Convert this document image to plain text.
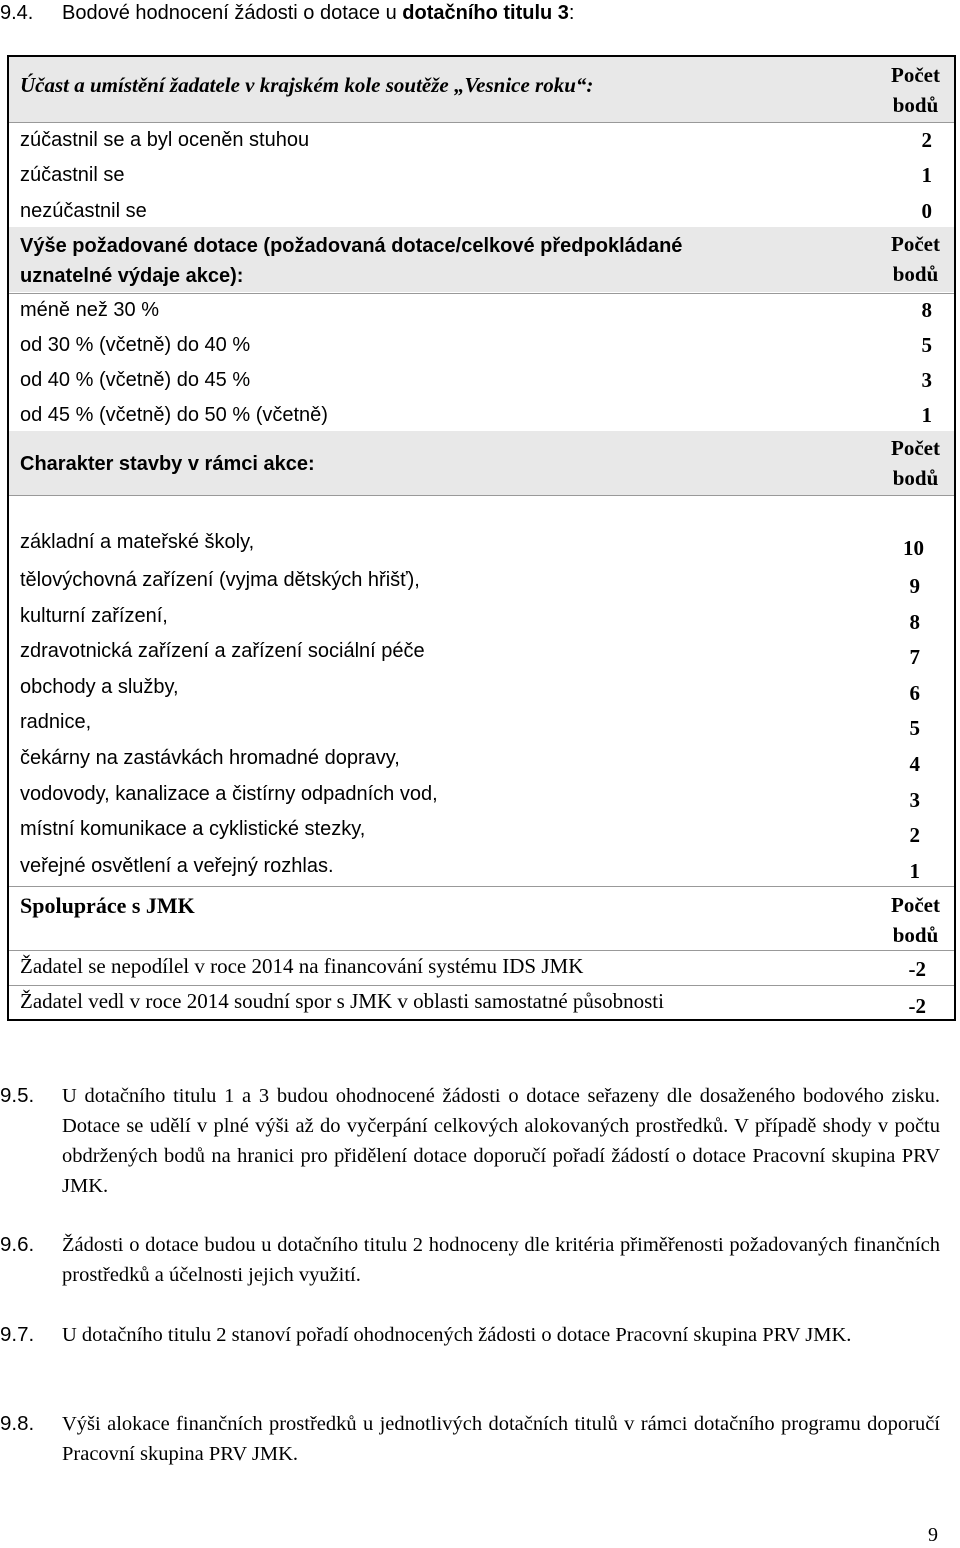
9.4. Bodové hodnocení žádosti o dotace u dotačního titulu 3:
Účast a umístění žadatele v krajském kole soutěže „Vesnice roku“:	Počet
bodů
zúčastnil se a byl oceněn stuhou	2
zúčastnil se	1
nezúčastnil se	0
Výše požadované dotace (požadovaná dotace/celkové předpokládané
uznatelné výdaje akce):
Počet
bodů
méně než 30 %	8
od 30 % (včetně) do 40 %	5
od 40 % (včetně) do 45 %	3
od 45 % (včetně) do 50 % (včetně)	1
Charakter stavby v rámci akce:
Počet
bodů
základní a mateřské školy,	10
tělovýchovná zařízení (vyjma dětských hřišť),	9
kulturní zařízení,	8
zdravotnická zařízení a zařízení sociální péče	7
obchody a služby,	6
radnice,	5
čekárny na zastávkách hromadné dopravy,	4
vodovody, kanalizace a čistírny odpadních vod,	3
místní komunikace a cyklistické stezky,	2
veřejné osvětlení a veřejný rozhlas.	1
Spolupráce s JMK	Počet
bodů
Žadatel se nepodílel v roce 2014 na financování systému IDS JMK	-2
Žadatel vedl v roce 2014 soudní spor s JMK v oblasti samostatné působnosti	-2
9.5.	U dotačního titulu 1 a 3 budou ohodnocené žádosti o dotace seřazeny dle dosaženého bodového zisku. Dotace se udělí v plné výši až do vyčerpání celkových alokovaných prostředků. V případě shody v počtu obdržených bodů na hranici pro přidělení dotace doporučí pořadí žádostí o dotace Pracovní skupina PRV JMK.
9.6.	Žádosti o dotace budou u dotačního titulu 2 hodnoceny dle kritéria přiměřenosti požadovaných finančních prostředků a účelnosti jejich využití.
9.7.	U dotačního titulu 2 stanoví pořadí ohodnocených žádosti o dotace Pracovní skupina PRV JMK.
9.8.	Výši alokace finančních prostředků u jednotlivých dotačních titulů v rámci dotačního programu doporučí Pracovní skupina PRV JMK.
9
